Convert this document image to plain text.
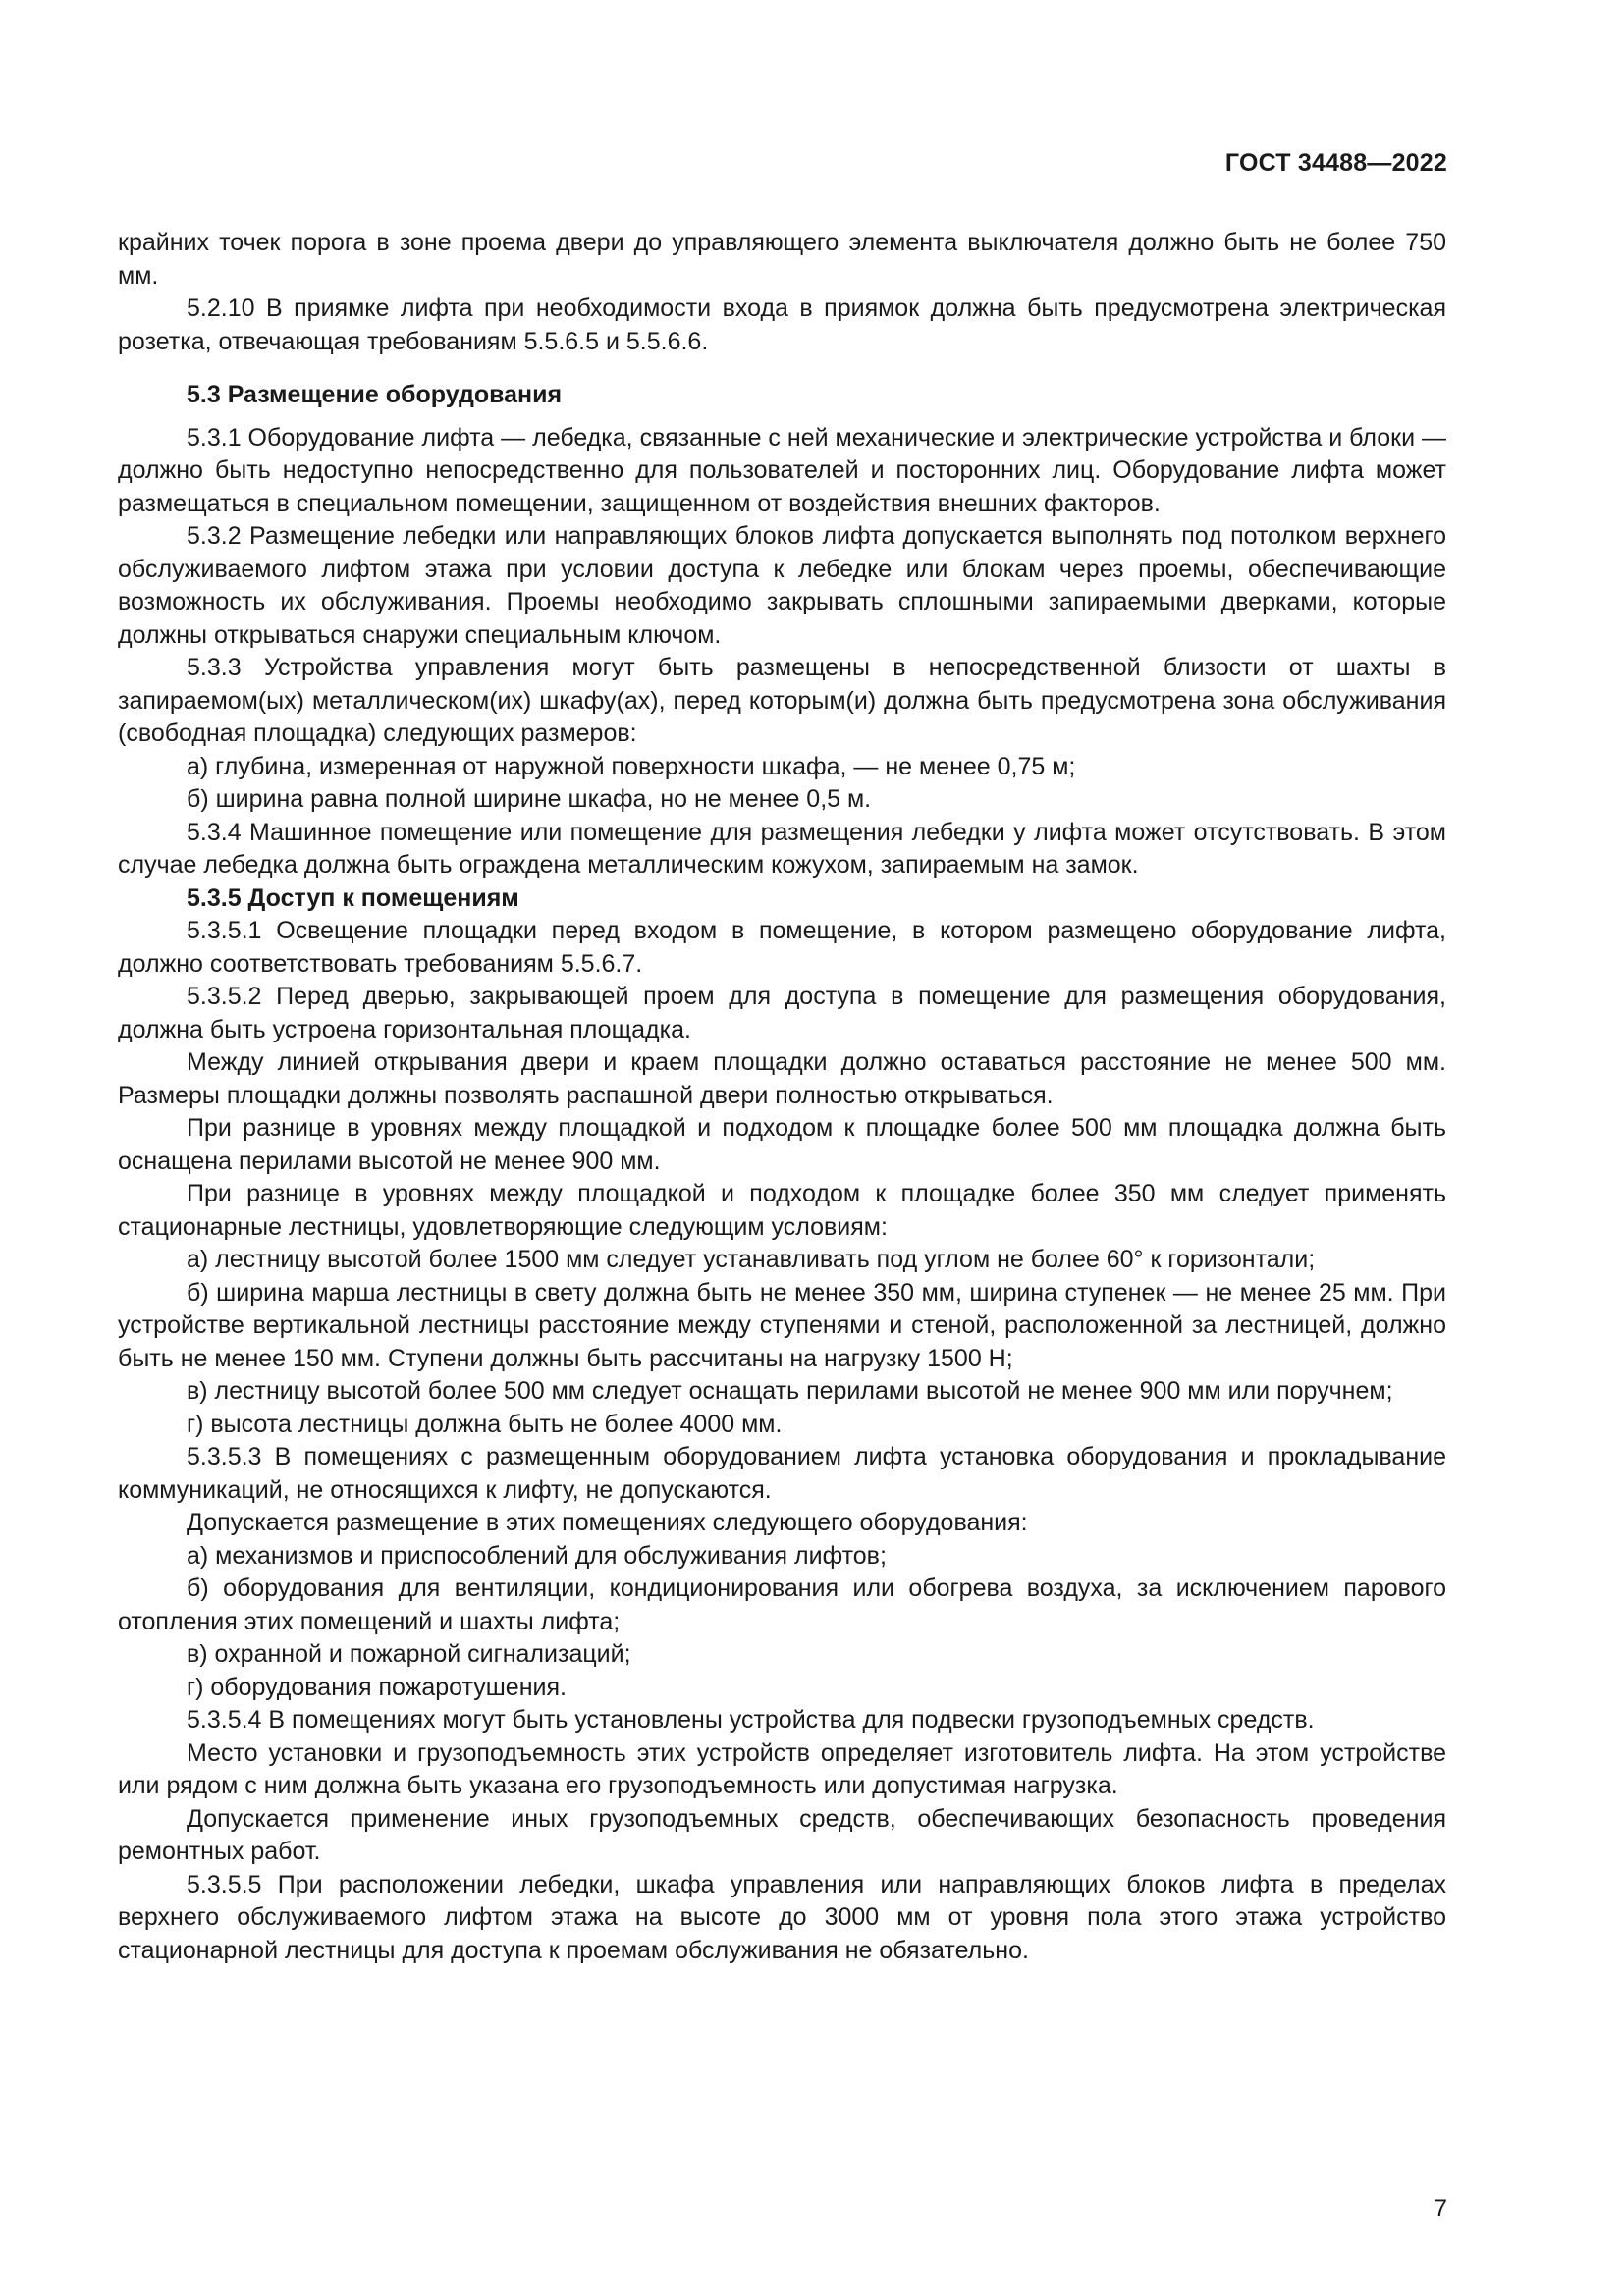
ГОСТ 34488—2022

крайних точек порога в зоне проема двери до управляющего элемента выключателя должно быть не более 750 мм.

5.2.10 В приямке лифта при необходимости входа в приямок должна быть предусмотрена электрическая розетка, отвечающая требованиям 5.5.6.5 и 5.5.6.6.

5.3 Размещение оборудования

5.3.1 Оборудование лифта — лебедка, связанные с ней механические и электрические устройства и блоки — должно быть недоступно непосредственно для пользователей и посторонних лиц. Оборудование лифта может размещаться в специальном помещении, защищенном от воздействия внешних факторов.

5.3.2 Размещение лебедки или направляющих блоков лифта допускается выполнять под потолком верхнего обслуживаемого лифтом этажа при условии доступа к лебедке или блокам через проемы, обеспечивающие возможность их обслуживания. Проемы необходимо закрывать сплошными запираемыми дверками, которые должны открываться снаружи специальным ключом.

5.3.3 Устройства управления могут быть размещены в непосредственной близости от шахты в запираемом(ых) металлическом(их) шкафу(ах), перед которым(и) должна быть предусмотрена зона обслуживания (свободная площадка) следующих размеров:

а) глубина, измеренная от наружной поверхности шкафа, — не менее 0,75 м;

б) ширина равна полной ширине шкафа, но не менее 0,5 м.

5.3.4 Машинное помещение или помещение для размещения лебедки у лифта может отсутствовать. В этом случае лебедка должна быть ограждена металлическим кожухом, запираемым на замок.

5.3.5 Доступ к помещениям

5.3.5.1 Освещение площадки перед входом в помещение, в котором размещено оборудование лифта, должно соответствовать требованиям 5.5.6.7.

5.3.5.2 Перед дверью, закрывающей проем для доступа в помещение для размещения оборудования, должна быть устроена горизонтальная площадка.

Между линией открывания двери и краем площадки должно оставаться расстояние не менее 500 мм. Размеры площадки должны позволять распашной двери полностью открываться.

При разнице в уровнях между площадкой и подходом к площадке более 500 мм площадка должна быть оснащена перилами высотой не менее 900 мм.

При разнице в уровнях между площадкой и подходом к площадке более 350 мм следует применять стационарные лестницы, удовлетворяющие следующим условиям:

а) лестницу высотой более 1500 мм следует устанавливать под углом не более 60° к горизонтали;

б) ширина марша лестницы в свету должна быть не менее 350 мм, ширина ступенек — не менее 25 мм. При устройстве вертикальной лестницы расстояние между ступенями и стеной, расположенной за лестницей, должно быть не менее 150 мм. Ступени должны быть рассчитаны на нагрузку 1500 Н;

в) лестницу высотой более 500 мм следует оснащать перилами высотой не менее 900 мм или поручнем;

г) высота лестницы должна быть не более 4000 мм.

5.3.5.3 В помещениях с размещенным оборудованием лифта установка оборудования и прокладывание коммуникаций, не относящихся к лифту, не допускаются.

Допускается размещение в этих помещениях следующего оборудования:

а) механизмов и приспособлений для обслуживания лифтов;

б) оборудования для вентиляции, кондиционирования или обогрева воздуха, за исключением парового отопления этих помещений и шахты лифта;

в) охранной и пожарной сигнализаций;

г) оборудования пожаротушения.

5.3.5.4 В помещениях могут быть установлены устройства для подвески грузоподъемных средств.

Место установки и грузоподъемность этих устройств определяет изготовитель лифта. На этом устройстве или рядом с ним должна быть указана его грузоподъемность или допустимая нагрузка.

Допускается применение иных грузоподъемных средств, обеспечивающих безопасность проведения ремонтных работ.

5.3.5.5 При расположении лебедки, шкафа управления или направляющих блоков лифта в пределах верхнего обслуживаемого лифтом этажа на высоте до 3000 мм от уровня пола этого этажа устройство стационарной лестницы для доступа к проемам обслуживания не обязательно.

7
